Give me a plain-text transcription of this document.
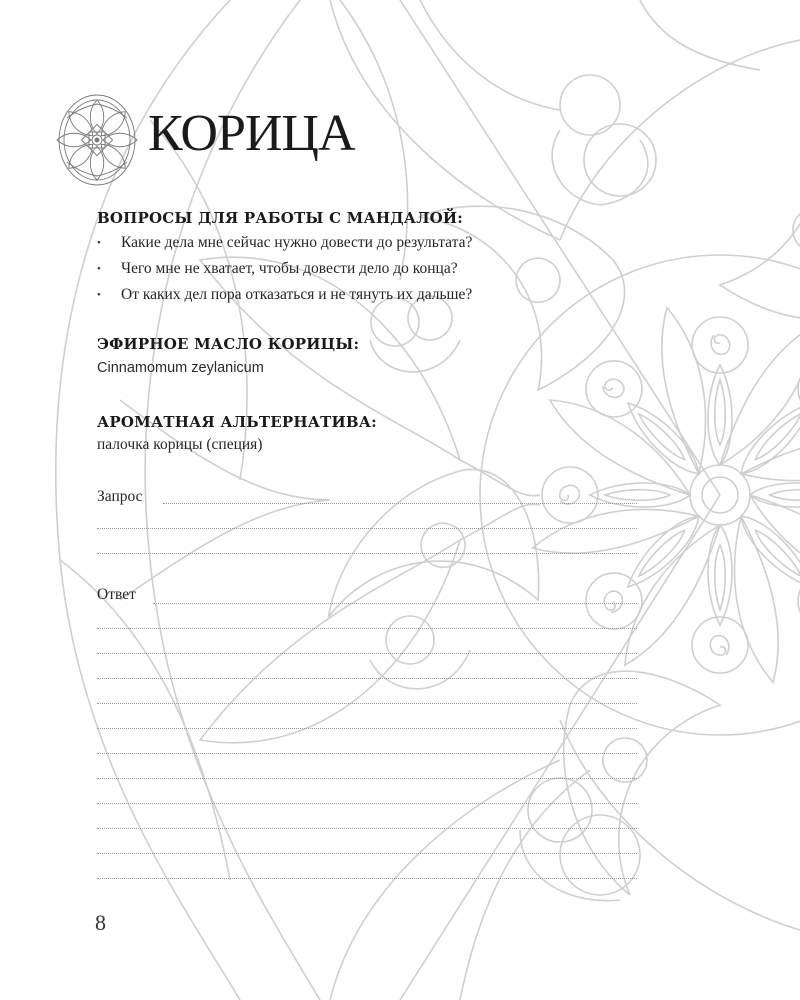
КОРИЦА
ВОПРОСЫ ДЛЯ РАБОТЫ С МАНДАЛОЙ:
• Какие дела мне сейчас нужно довести до результата?
• Чего мне не хватает, чтобы довести дело до конца?
• От каких дел пора отказаться и не тянуть их дальше?
ЭФИРНОЕ МАСЛО КОРИЦЫ:

Cinnamomum zeylanicum

АРОМАТНАЯ АЛЬТЕРНАТИВА:

палочка корицы (специя)

Запрос

Ответ

8
